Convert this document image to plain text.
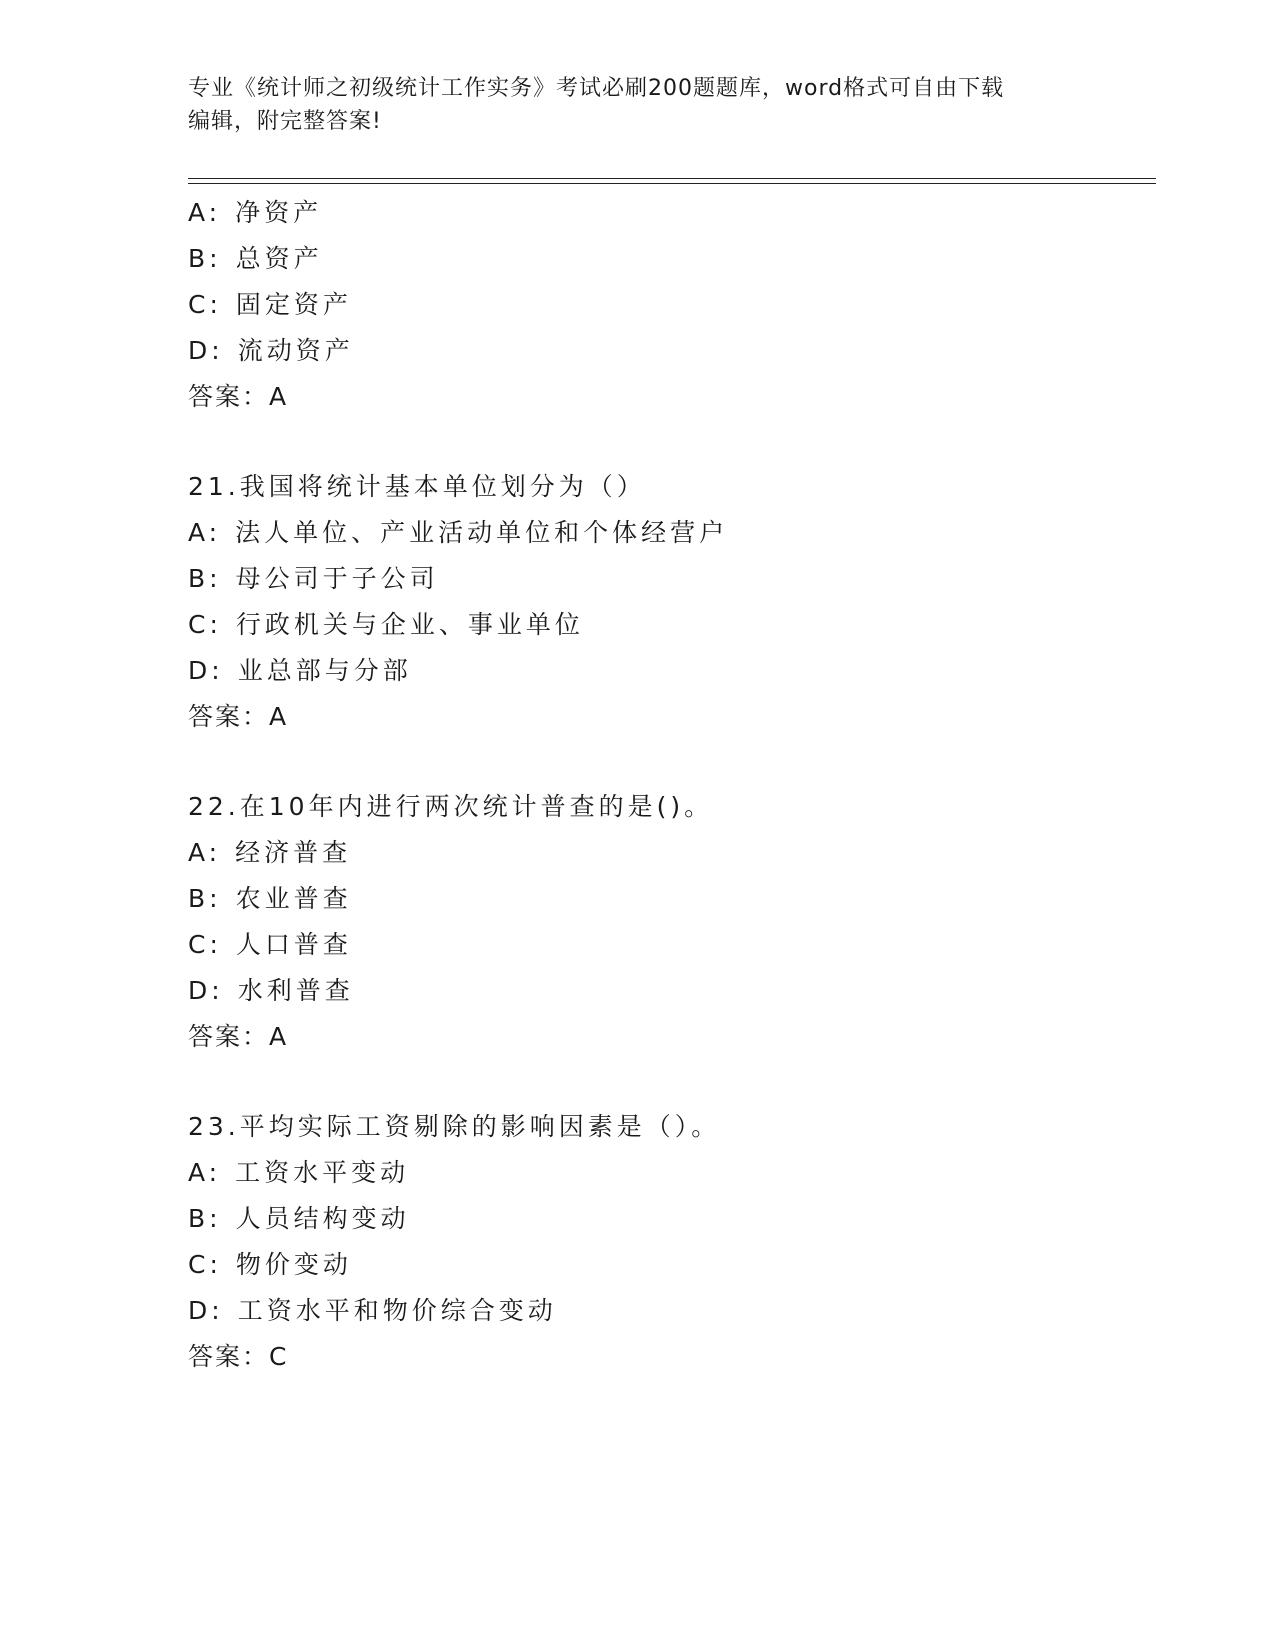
专业《统计师之初级统计工作实务》考试必刷200题题库，word格式可自由下载
编辑，附完整答案!
A: 净资产
B: 总资产
C: 固定资产
D: 流动资产
答案：A
21.我国将统计基本单位划分为（）
A: 法人单位、产业活动单位和个体经营户
B: 母公司于子公司
C: 行政机关与企业、事业单位
D: 业总部与分部
答案：A
22.在10年内进行两次统计普查的是()。
A: 经济普查
B: 农业普查
C: 人口普查
D: 水利普查
答案：A
23.平均实际工资剔除的影响因素是（）。
A: 工资水平变动
B: 人员结构变动
C: 物价变动
D: 工资水平和物价综合变动
答案：C
